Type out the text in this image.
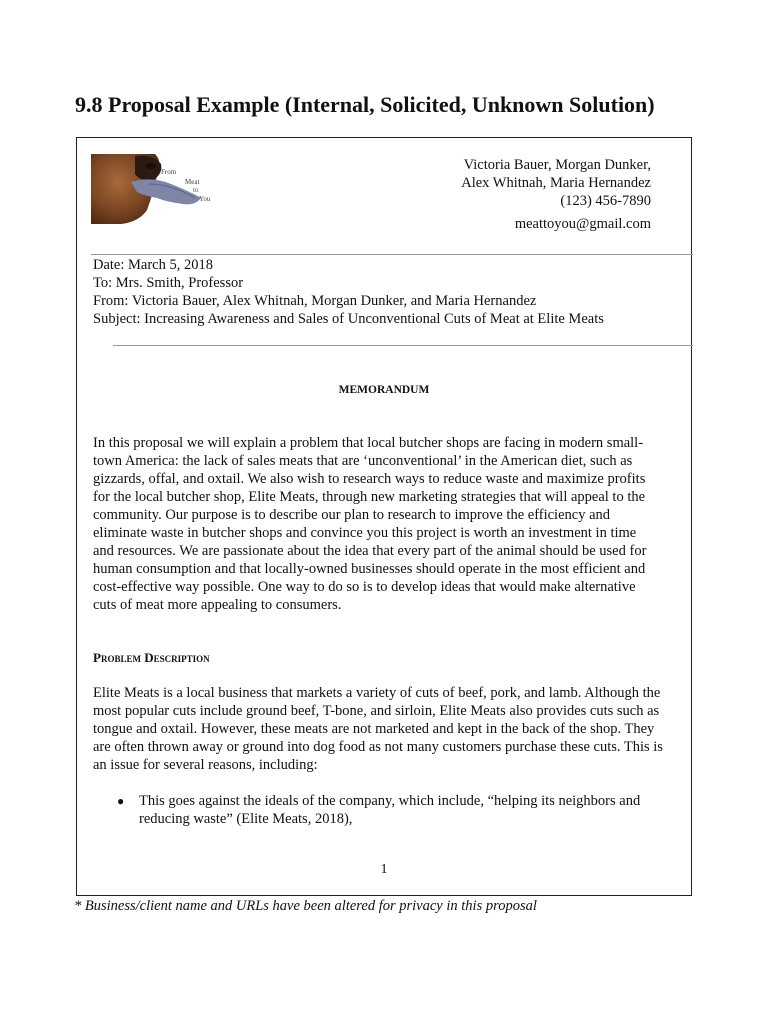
9.8 Proposal Example (Internal, Solicited, Unknown Solution)
From
Meat
to
You
Victoria Bauer, Morgan Dunker,
Alex Whitnah, Maria Hernandez
(123) 456-7890
meattoyou@gmail.com
Date: March 5, 2018
To: Mrs. Smith, Professor
From: Victoria Bauer, Alex Whitnah, Morgan Dunker, and Maria Hernandez
Subject: Increasing Awareness and Sales of Unconventional Cuts of Meat at Elite Meats
MEMORANDUM

In this proposal we will explain a problem that local butcher shops are facing in modern small-town America: the lack of sales meats that are ‘unconventional’ in the American diet, such as gizzards, offal, and oxtail. We also wish to research ways to reduce waste and maximize profits for the local butcher shop, Elite Meats, through new marketing strategies that will appeal to the community. Our purpose is to describe our plan to research to improve the efficiency and eliminate waste in butcher shops and convince you this project is worth an investment in time and resources. We are passionate about the idea that every part of the animal should be used for human consumption and that locally-owned businesses should operate in the most efficient and cost-effective way possible. One way to do so is to develop ideas that would make alternative cuts of meat more appealing to consumers.

Problem Description

Elite Meats is a local business that markets a variety of cuts of beef, pork, and lamb. Although the most popular cuts include ground beef, T-bone, and sirloin, Elite Meats also provides cuts such as tongue and oxtail. However, these meats are not marketed and kept in the back of the shop. They are often thrown away or ground into dog food as not many customers purchase these cuts. This is an issue for several reasons, including:

● This goes against the ideals of the company, which include, “helping its neighbors and reducing waste” (Elite Meats, 2018),
1

* Business/client name and URLs have been altered for privacy in this proposal
